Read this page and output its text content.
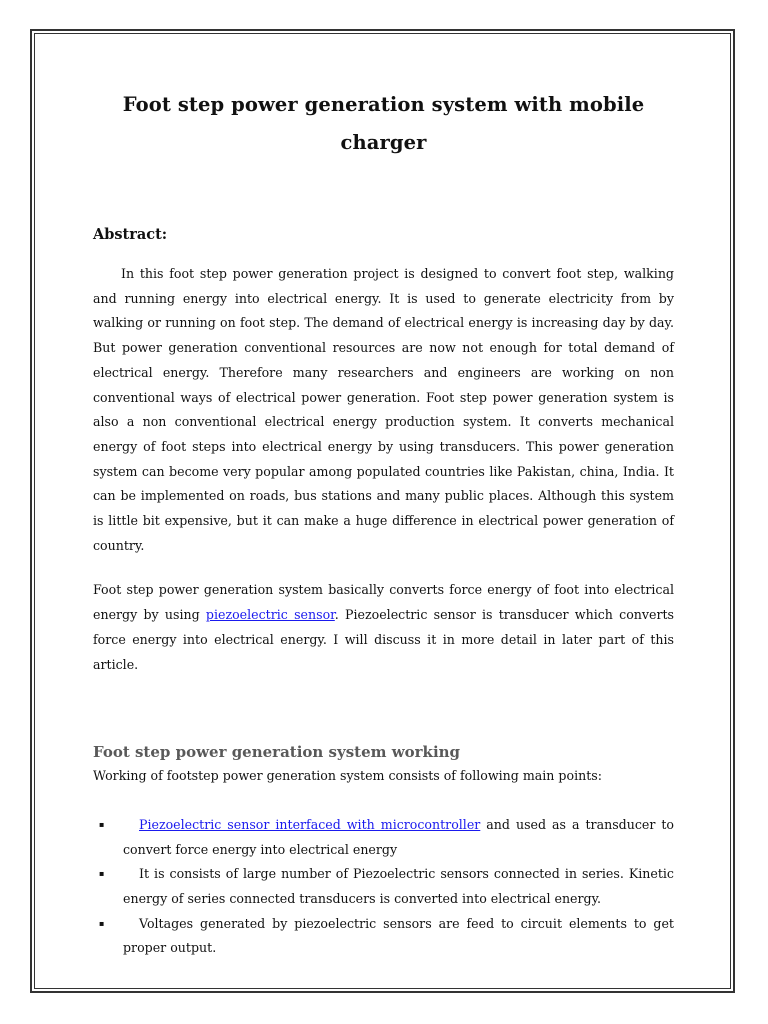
Foot step power generation system with mobile charger
Abstract:

In this foot step power generation project is designed to convert foot step, walking and running energy into electrical energy. It is used to generate electricity from by walking or running on foot step. The demand of electrical energy is increasing day by day. But power generation conventional resources are now not enough for total demand of electrical energy. Therefore many researchers and engineers are working on non conventional ways of electrical power generation. Foot step power generation system is also a non conventional electrical energy production system. It converts mechanical energy of foot steps into electrical energy by using transducers. This power generation system can become very popular among populated countries like Pakistan, china, India. It can be implemented on roads, bus stations and many public places. Although this system is little bit expensive, but it can make a huge difference in electrical power generation of country.

Foot step power generation system basically converts force energy of foot into electrical energy by using piezoelectric sensor. Piezoelectric sensor is transducer which converts force energy into electrical energy. I will discuss it in more detail in later part of this article.

Foot step power generation system working

Working of footstep power generation system consists of following main points:

▪	Piezoelectric sensor interfaced with microcontroller and used as a transducer to convert force energy into electrical energy
▪	It is consists of large number of Piezoelectric sensors connected in series. Kinetic energy of series connected transducers is converted into electrical energy.
▪	Voltages generated by piezoelectric sensors are feed to circuit elements to get proper output.
